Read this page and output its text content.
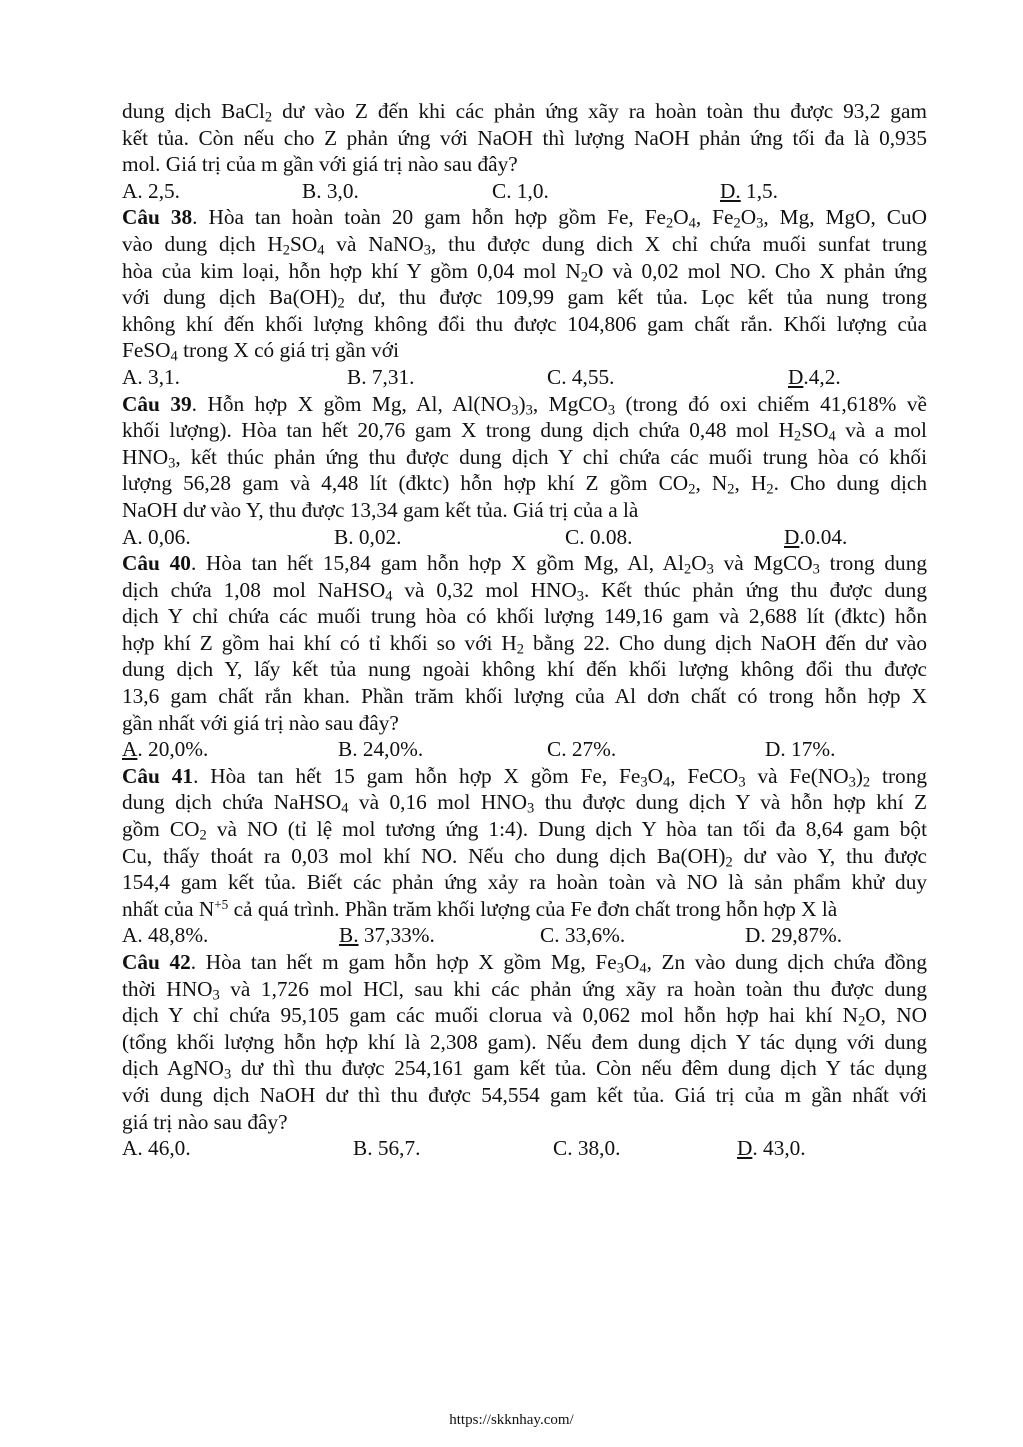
dung dịch BaCl$_2$ dư vào Z đến khi các phản ứng xãy ra hoàn toàn thu được 93,2 gam
kết tủa. Còn nếu cho Z phản ứng với NaOH thì lượng NaOH phản ứng tối đa là 0,935
mol. Giá trị của m gần với giá trị nào sau đây?
A. 2,5.	B. 3,0.	C. 1,0.	D. 1,5.
Câu 38. Hòa tan hoàn toàn 20 gam hỗn hợp gồm Fe, $Fe_2O_4$, $Fe_2O_3$, Mg, MgO, CuO
vào dung dịch $H_2SO_4$ và NaNO$_3$, thu được dung dich X chỉ chứa muối sunfat trung
hòa của kim loại, hỗn hợp khí Y gồm 0,04 mol $N_2O$ và 0,02 mol NO. Cho X phản ứng
với dung dịch $Ba(OH)_2$ dư, thu được 109,99 gam kết tủa. Lọc kết tủa nung trong
không khí đến khối lượng không đổi thu được 104,806 gam chất rắn. Khối lượng của
FeSO$_4$ trong X có giá trị gần với
A. 3,1.	B. 7,31.	C. 4,55.	D.4,2.
Câu 39. Hỗn hợp X gồm Mg, Al, $Al(NO_3)_3$, MgCO$_3$ (trong đó oxi chiếm 41,618% về
khối lượng). Hòa tan hết 20,76 gam X trong dung dịch chứa 0,48 mol $H_2SO_4$ và a mol
$HNO_3$, kết thúc phản ứng thu được dung dịch Y chỉ chứa các muối trung hòa có khối
lượng 56,28 gam và 4,48 lít (đktc) hỗn hợp khí Z gồm $CO_2$, $N_2$, $H_2$. Cho dung dịch
NaOH dư vào Y, thu được 13,34 gam kết tủa. Giá trị của a là
A. 0,06.	B. 0,02.	C. 0.08.	D.0.04.
Câu 40. Hòa tan hết 15,84 gam hỗn hợp X gồm Mg, Al, $Al_2O_3$ và MgCO$_3$ trong dung
dịch chứa 1,08 mol NaHSO$_4$ và 0,32 mol $HNO_3$. Kết thúc phản ứng thu được dung
dịch Y chỉ chứa các muối trung hòa có khối lượng 149,16 gam và 2,688 lít (đktc) hỗn
hợp khí Z gồm hai khí có tỉ khối so với $H_2$ bằng 22. Cho dung dịch NaOH đến dư vào
dung dịch Y, lấy kết tủa nung ngoài không khí đến khối lượng không đổi thu được
13,6 gam chất rắn khan. Phần trăm khối lượng của Al dơn chất có trong hỗn hợp X
gần nhất với giá trị nào sau đây?
A. 20,0%.	B. 24,0%.	C. 27%.	D. 17%.
Câu 41. Hòa tan hết 15 gam hỗn hợp X gồm Fe, $Fe_3O_4$, FeCO$_3$ và $Fe(NO_3)_2$ trong
dung dịch chứa NaHSO$_4$ và 0,16 mol $HNO_3$ thu được dung dịch Y và hỗn hợp khí Z
gồm $CO_2$ và NO (tỉ lệ mol tương ứng 1:4). Dung dịch Y hòa tan tối đa 8,64 gam bột
Cu, thấy thoát ra 0,03 mol khí NO. Nếu cho dung dịch $Ba(OH)_2$ dư vào Y, thu được
154,4 gam kết tủa. Biết các phản ứng xảy ra hoàn toàn và NO là sản phẩm khử duy
nhất của $N^{+5}$ cả quá trình. Phần trăm khối lượng của Fe đơn chất trong hỗn hợp X là
A. 48,8%.	B. 37,33%.	C. 33,6%.	D. 29,87%.
Câu 42. Hòa tan hết m gam hỗn hợp X gồm Mg, $Fe_3O_4$, Zn vào dung dịch chứa đồng
thời $HNO_3$ và 1,726 mol HCl, sau khi các phản ứng xãy ra hoàn toàn thu được dung
dịch Y chỉ chứa 95,105 gam các muối clorua và 0,062 mol hỗn hợp hai khí $N_2O$, NO
(tổng khối lượng hỗn hợp khí là 2,308 gam). Nếu đem dung dịch Y tác dụng với dung
dịch AgNO$_3$ dư thì thu được 254,161 gam kết tủa. Còn nếu đêm dung dịch Y tác dụng
với dung dịch NaOH dư thì thu được 54,554 gam kết tủa. Giá trị của m gần nhất với
giá trị nào sau đây?
A. 46,0.	B. 56,7.	C. 38,0.	D. 43,0.
https://skknhay.com/
